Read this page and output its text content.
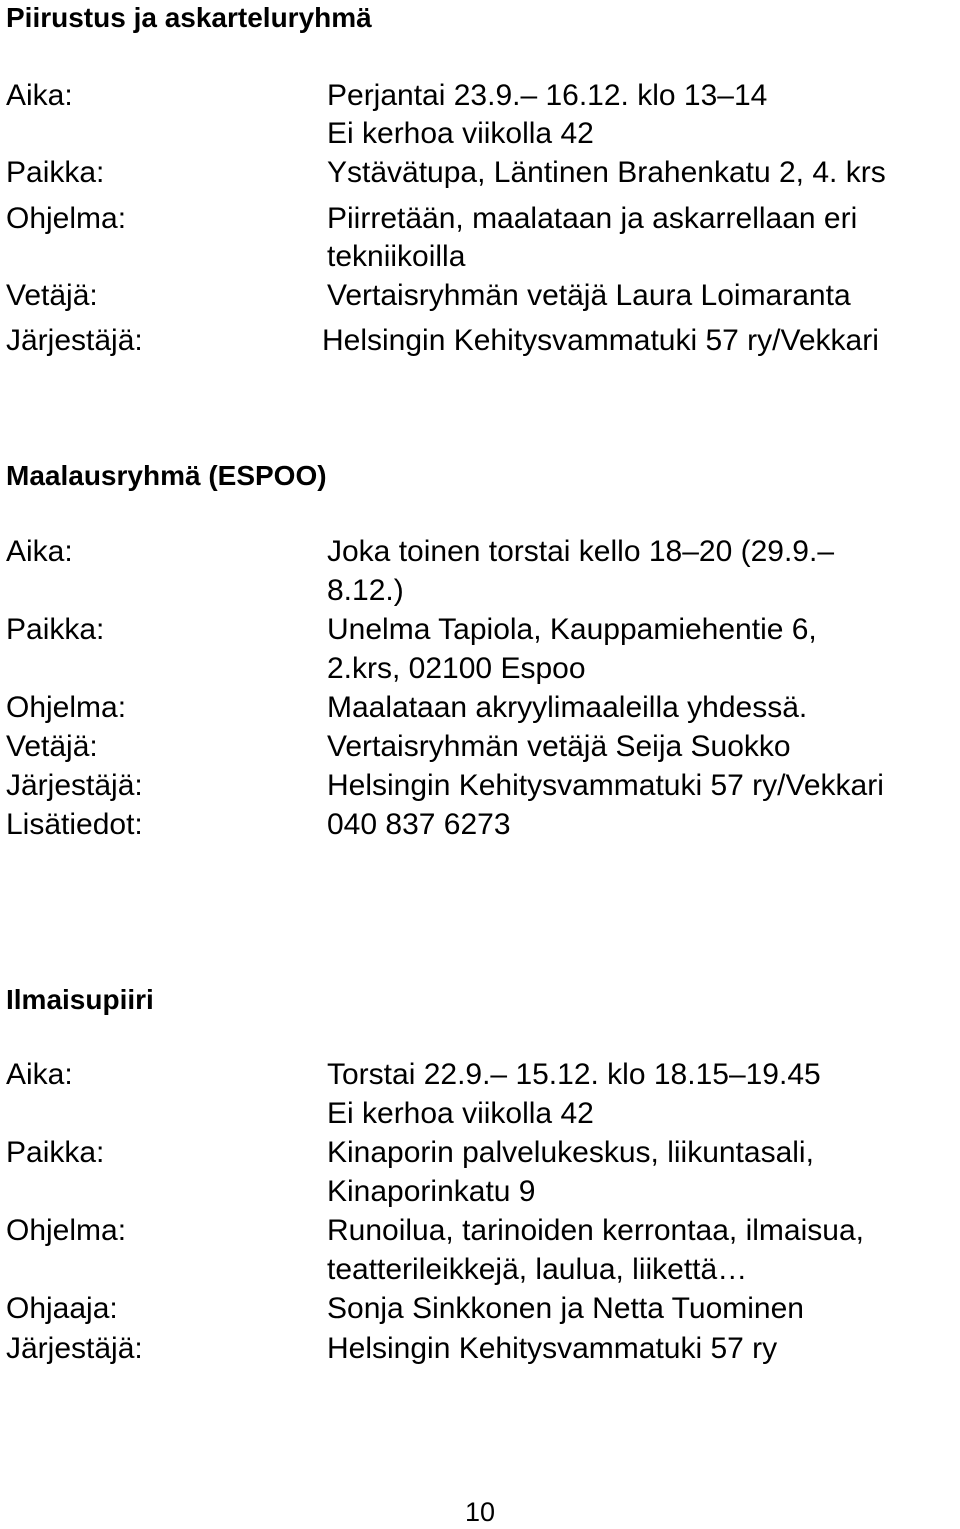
Piirustus ja askarteluryhmä
Aika:	Perjantai 23.9.– 16.12. klo 13–14
Ei kerhoa viikolla 42
Paikka:	Ystävätupa, Läntinen Brahenkatu 2, 4. krs
Ohjelma:	Piirretään, maalataan ja askarrellaan eri
tekniikoilla
Vetäjä:	Vertaisryhmän vetäjä Laura Loimaranta
Järjestäjä:	Helsingin Kehitysvammatuki 57 ry/Vekkari
Maalausryhmä (ESPOO)
Aika:	Joka toinen torstai kello 18–20 (29.9.–
8.12.)
Paikka:	Unelma Tapiola, Kauppamiehentie 6,
2.krs, 02100 Espoo
Ohjelma:	Maalataan akryylimaaleilla yhdessä.
Vetäjä:	Vertaisryhmän vetäjä Seija Suokko
Järjestäjä:	Helsingin Kehitysvammatuki 57 ry/Vekkari
Lisätiedot:	040 837 6273
Ilmaisupiiri
Aika:	Torstai 22.9.– 15.12. klo 18.15–19.45
Ei kerhoa viikolla 42
Paikka:	Kinaporin palvelukeskus, liikuntasali,
Kinaporinkatu 9
Ohjelma:	Runoilua, tarinoiden kerrontaa, ilmaisua,
teatterileikkejä, laulua, liikettä…
Ohjaaja:	Sonja Sinkkonen ja Netta Tuominen
Järjestäjä:	Helsingin Kehitysvammatuki 57 ry
10
